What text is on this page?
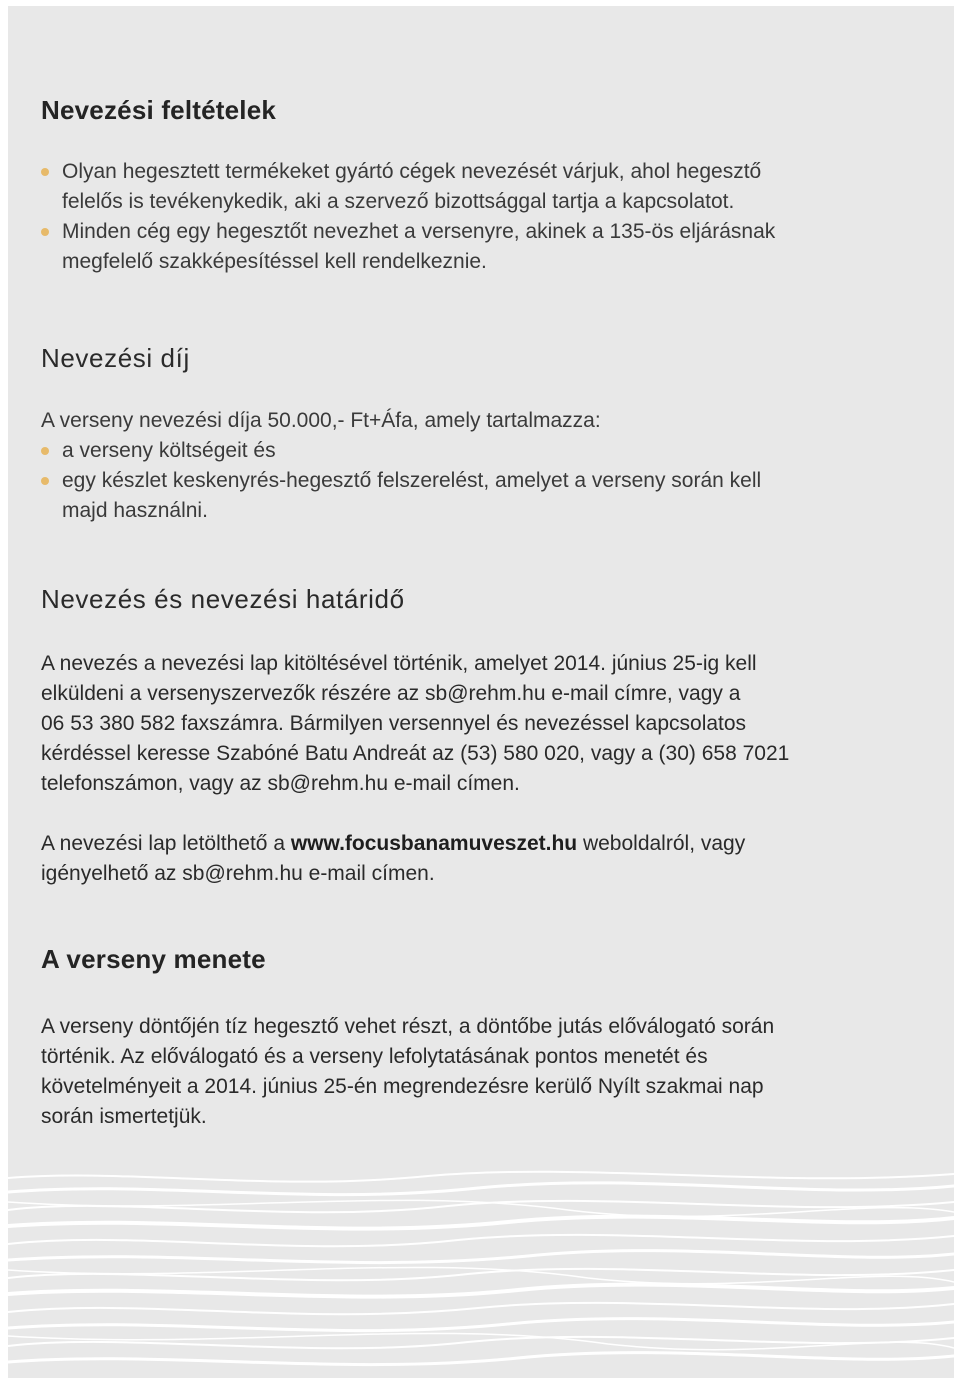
Nevezési feltételek
Olyan hegesztett termékeket gyártó cégek nevezését várjuk, ahol hegesztő
felelős is tevékenykedik, aki a szervező bizottsággal tartja a kapcsolatot.
Minden cég egy hegesztőt nevezhet a versenyre, akinek a 135-ös eljárásnak
megfelelő szakképesítéssel kell rendelkeznie.
Nevezési díj

A verseny nevezési díja 50.000,- Ft+Áfa, amely tartalmazza:

a verseny költségeit és
egy készlet keskenyrés-hegesztő felszerelést, amelyet a verseny során kell
majd használni.
Nevezés és nevezési határidő

A nevezés a nevezési lap kitöltésével történik, amelyet 2014. június 25-ig kell
elküldeni a versenyszervezők részére az sb@rehm.hu e-mail címre, vagy a
06 53 380 582 faxszámra. Bármilyen versennyel és nevezéssel kapcsolatos
kérdéssel keresse Szabóné Batu Andreát az (53) 580 020, vagy a (30) 658 7021
telefonszámon, vagy az sb@rehm.hu e-mail címen.

A nevezési lap letölthető a www.focusbanamuveszet.hu weboldalról, vagy
igényelhető az sb@rehm.hu e-mail címen.

A verseny menete

A verseny döntőjén tíz hegesztő vehet részt, a döntőbe jutás előválogató során
történik. Az előválogató és a verseny lefolytatásának pontos menetét és
követelményeit a 2014. június 25-én megrendezésre kerülő Nyílt szakmai nap
során ismertetjük.
